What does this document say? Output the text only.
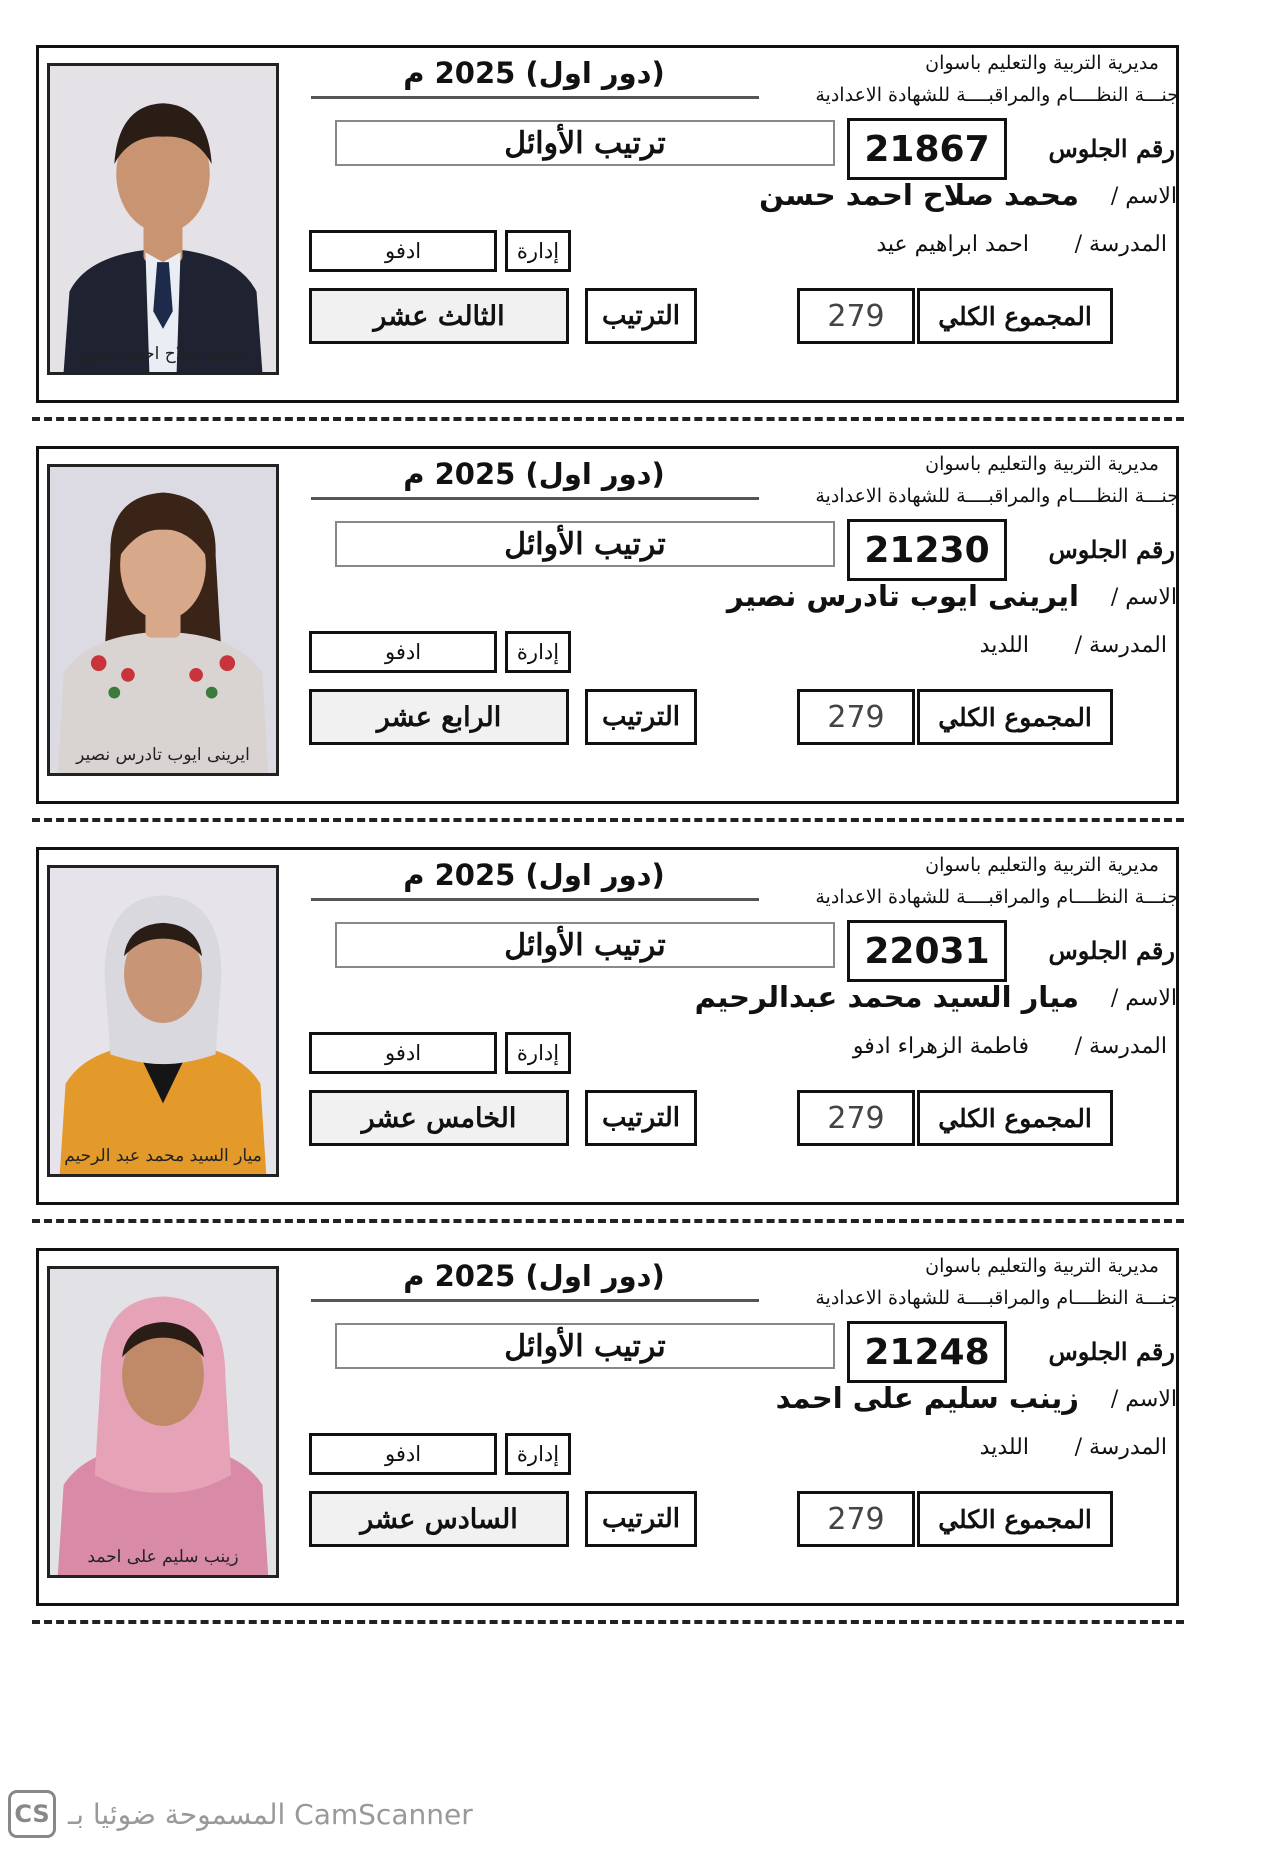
محمد صلاح احمد حسن
مديرية التربية والتعليم باسوان
جنـــة النظــــام والمراقبــــة للشهادة الاعدادية
(دور اول) 2025 م
ترتيب الأوائل	21867	رقم الجلوس
الاسم /
محمد صلاح احمد حسن
المدرسة /
احمد ابراهيم عيد
إدارة
ادفو
الثالث عشر	الترتيب	279	المجموع الكلي
ايرينى ايوب تادرس نصير
مديرية التربية والتعليم باسوان
جنـــة النظــــام والمراقبــــة للشهادة الاعدادية
(دور اول) 2025 م
ترتيب الأوائل	21230	رقم الجلوس
الاسم /
ايرينى ايوب تادرس نصير
المدرسة /
اللديد
إدارة
ادفو
الرابع عشر	الترتيب	279	المجموع الكلي
ميار السيد محمد عبد الرحيم
مديرية التربية والتعليم باسوان
جنـــة النظــــام والمراقبــــة للشهادة الاعدادية
(دور اول) 2025 م
ترتيب الأوائل	22031	رقم الجلوس
الاسم /
ميار السيد محمد عبدالرحيم
المدرسة /
فاطمة الزهراء ادفو
إدارة
ادفو
الخامس عشر	الترتيب	279	المجموع الكلي
زينب سليم على احمد
مديرية التربية والتعليم باسوان
جنـــة النظــــام والمراقبــــة للشهادة الاعدادية
(دور اول) 2025 م
ترتيب الأوائل	21248	رقم الجلوس
الاسم /
زينب سليم على احمد
المدرسة /
اللديد
إدارة
ادفو
السادس عشر	الترتيب	279	المجموع الكلي
CS CamScanner المسموحة ضوئيا بـ
